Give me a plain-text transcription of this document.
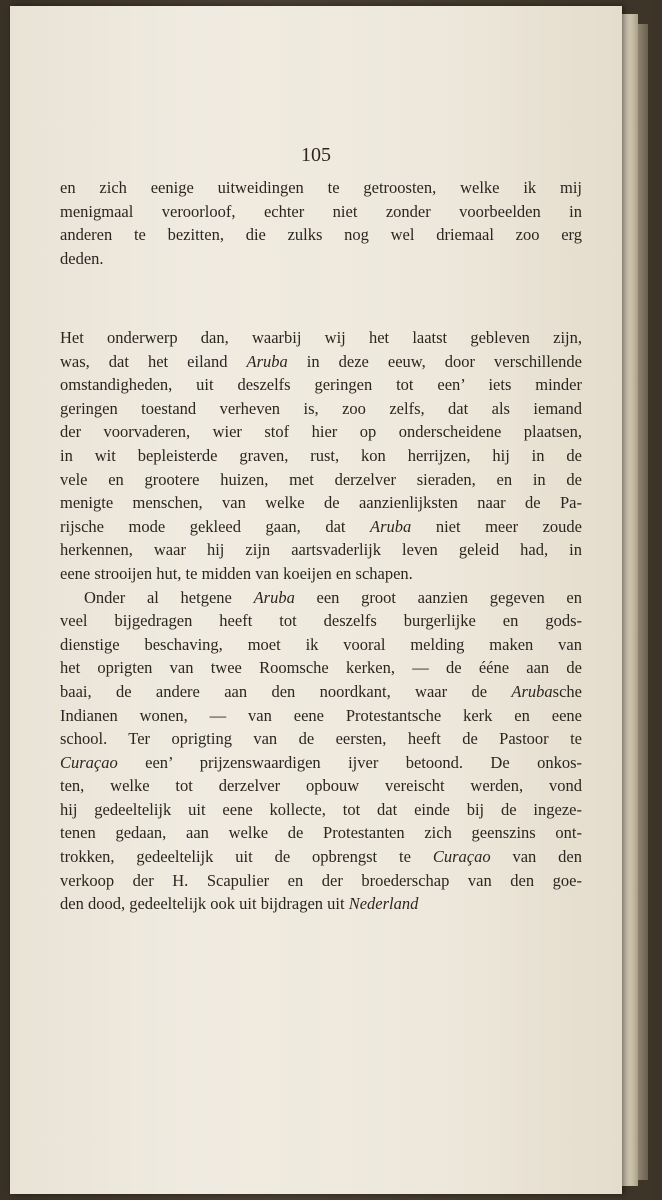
105
en zich eenige uitweidingen te getroosten, welke ik mij
menigmaal veroorloof, echter niet zonder voorbeelden in
anderen te bezitten, die zulks nog wel driemaal zoo erg
deden.
Het onderwerp dan, waarbij wij het laatst gebleven zijn,
was, dat het eiland Aruba in deze eeuw, door verschillende
omstandigheden, uit deszelfs geringen tot een’ iets minder
geringen toestand verheven is, zoo zelfs, dat als iemand
der voorvaderen, wier stof hier op onderscheidene plaatsen,
in wit bepleisterde graven, rust, kon herrijzen, hij in de
vele en grootere huizen, met derzelver sieraden, en in de
menigte menschen, van welke de aanzienlijksten naar de Pa-
rijsche mode gekleed gaan, dat Aruba niet meer zoude
herkennen, waar hij zijn aartsvaderlijk leven geleid had, in
eene strooijen hut, te midden van koeijen en schapen.
Onder al hetgene Aruba een groot aanzien gegeven en
veel bijgedragen heeft tot deszelfs burgerlijke en gods-
dienstige beschaving, moet ik vooral melding maken van
het oprigten van twee Roomsche kerken, — de ééne aan de
baai, de andere aan den noordkant, waar de Arubasche
Indianen wonen, — van eene Protestantsche kerk en eene
school. Ter oprigting van de eersten, heeft de Pastoor te
Curaçao een’ prijzenswaardigen ijver betoond. De onkos-
ten, welke tot derzelver opbouw vereischt werden, vond
hij gedeeltelijk uit eene kollecte, tot dat einde bij de ingeze-
tenen gedaan, aan welke de Protestanten zich geenszins ont-
trokken, gedeeltelijk uit de opbrengst te Curaçao van den
verkoop der H. Scapulier en der broederschap van den goe-
den dood, gedeeltelijk ook uit bijdragen uit Nederland
